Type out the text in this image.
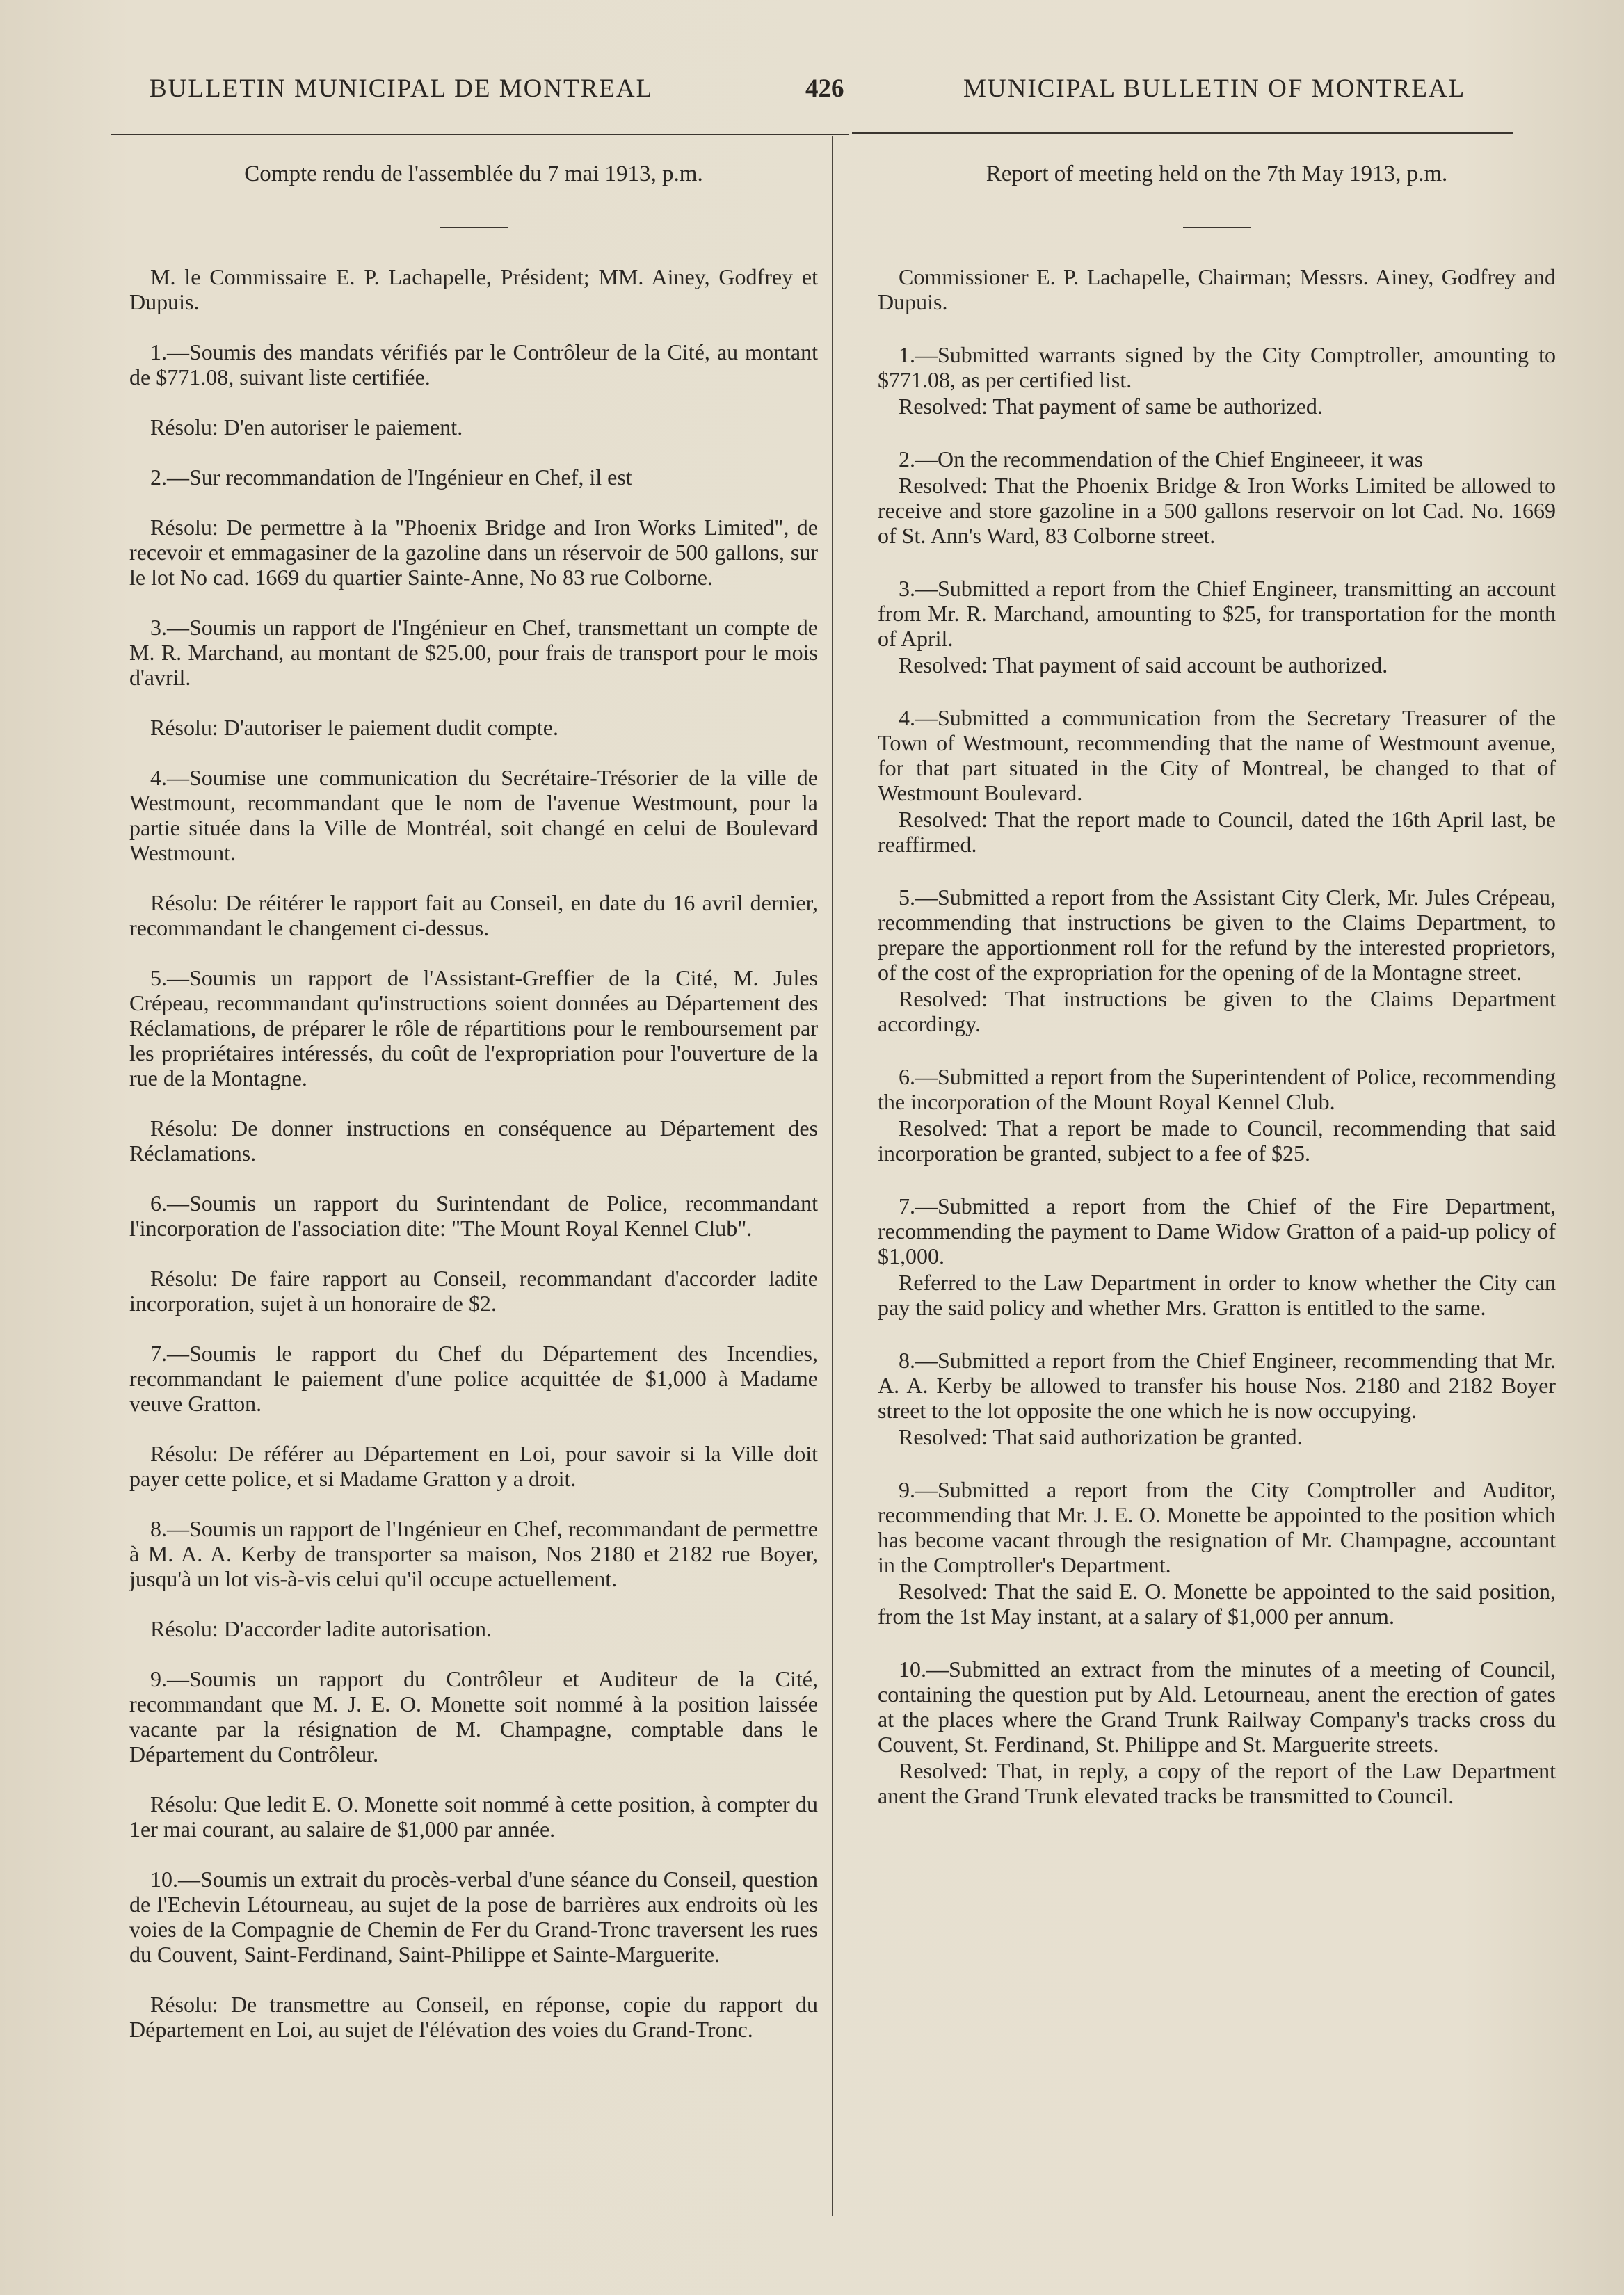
BULLETIN MUNICIPAL DE MONTREAL	426	MUNICIPAL BULLETIN OF MONTREAL
Compte rendu de l'assemblée du 7 mai 1913, p.m.

M. le Commissaire E. P. Lachapelle, Président; MM. Ainey, Godfrey et Dupuis.

1.—Soumis des mandats vérifiés par le Contrôleur de la Cité, au montant de $771.08, suivant liste certifiée.

Résolu: D'en autoriser le paiement.

2.—Sur recommandation de l'Ingénieur en Chef, il est

Résolu: De permettre à la "Phoenix Bridge and Iron Works Limited", de recevoir et emmagasiner de la gazoline dans un réservoir de 500 gallons, sur le lot No cad. 1669 du quartier Sainte-Anne, No 83 rue Colborne.

3.—Soumis un rapport de l'Ingénieur en Chef, transmettant un compte de M. R. Marchand, au montant de $25.00, pour frais de transport pour le mois d'avril.

Résolu: D'autoriser le paiement dudit compte.

4.—Soumise une communication du Secrétaire-Trésorier de la ville de Westmount, recommandant que le nom de l'avenue Westmount, pour la partie située dans la Ville de Montréal, soit changé en celui de Boulevard Westmount.

Résolu: De réitérer le rapport fait au Conseil, en date du 16 avril dernier, recommandant le changement ci-dessus.

5.—Soumis un rapport de l'Assistant-Greffier de la Cité, M. Jules Crépeau, recommandant qu'instructions soient données au Département des Réclamations, de préparer le rôle de répartitions pour le remboursement par les propriétaires intéressés, du coût de l'expropriation pour l'ouverture de la rue de la Montagne.

Résolu: De donner instructions en conséquence au Département des Réclamations.

6.—Soumis un rapport du Surintendant de Police, recommandant l'incorporation de l'association dite: "The Mount Royal Kennel Club".

Résolu: De faire rapport au Conseil, recommandant d'accorder ladite incorporation, sujet à un honoraire de $2.

7.—Soumis le rapport du Chef du Département des Incendies, recommandant le paiement d'une police acquittée de $1,000 à Madame veuve Gratton.

Résolu: De référer au Département en Loi, pour savoir si la Ville doit payer cette police, et si Madame Gratton y a droit.

8.—Soumis un rapport de l'Ingénieur en Chef, recommandant de permettre à M. A. A. Kerby de transporter sa maison, Nos 2180 et 2182 rue Boyer, jusqu'à un lot vis-à-vis celui qu'il occupe actuellement.

Résolu: D'accorder ladite autorisation.

9.—Soumis un rapport du Contrôleur et Auditeur de la Cité, recommandant que M. J. E. O. Monette soit nommé à la position laissée vacante par la résignation de M. Champagne, comptable dans le Département du Contrôleur.

Résolu: Que ledit E. O. Monette soit nommé à cette position, à compter du 1er mai courant, au salaire de $1,000 par année.

10.—Soumis un extrait du procès-verbal d'une séance du Conseil, question de l'Echevin Létourneau, au sujet de la pose de barrières aux endroits où les voies de la Compagnie de Chemin de Fer du Grand-Tronc traversent les rues du Couvent, Saint-Ferdinand, Saint-Philippe et Sainte-Marguerite.

Résolu: De transmettre au Conseil, en réponse, copie du rapport du Département en Loi, au sujet de l'élévation des voies du Grand-Tronc.

Report of meeting held on the 7th May 1913, p.m.

Commissioner E. P. Lachapelle, Chairman; Messrs. Ainey, Godfrey and Dupuis.

1.—Submitted warrants signed by the City Comptroller, amounting to $771.08, as per certified list.

Resolved: That payment of same be authorized.

2.—On the recommendation of the Chief Engineeer, it was

Resolved: That the Phoenix Bridge & Iron Works Limited be allowed to receive and store gazoline in a 500 gallons reservoir on lot Cad. No. 1669 of St. Ann's Ward, 83 Colborne street.

3.—Submitted a report from the Chief Engineer, transmitting an account from Mr. R. Marchand, amounting to $25, for transportation for the month of April.

Resolved: That payment of said account be authorized.

4.—Submitted a communication from the Secretary Treasurer of the Town of Westmount, recommending that the name of Westmount avenue, for that part situated in the City of Montreal, be changed to that of Westmount Boulevard.

Resolved: That the report made to Council, dated the 16th April last, be reaffirmed.

5.—Submitted a report from the Assistant City Clerk, Mr. Jules Crépeau, recommending that instructions be given to the Claims Department, to prepare the apportionment roll for the refund by the interested proprietors, of the cost of the expropriation for the opening of de la Montagne street.

Resolved: That instructions be given to the Claims Department accordingy.

6.—Submitted a report from the Superintendent of Police, recommending the incorporation of the Mount Royal Kennel Club.

Resolved: That a report be made to Council, recommending that said incorporation be granted, subject to a fee of $25.

7.—Submitted a report from the Chief of the Fire Department, recommending the payment to Dame Widow Gratton of a paid-up policy of $1,000.

Referred to the Law Department in order to know whether the City can pay the said policy and whether Mrs. Gratton is entitled to the same.

8.—Submitted a report from the Chief Engineer, recommending that Mr. A. A. Kerby be allowed to transfer his house Nos. 2180 and 2182 Boyer street to the lot opposite the one which he is now occupying.

Resolved: That said authorization be granted.

9.—Submitted a report from the City Comptroller and Auditor, recommending that Mr. J. E. O. Monette be appointed to the position which has become vacant through the resignation of Mr. Champagne, accountant in the Comptroller's Department.

Resolved: That the said E. O. Monette be appointed to the said position, from the 1st May instant, at a salary of $1,000 per annum.

10.—Submitted an extract from the minutes of a meeting of Council, containing the question put by Ald. Letourneau, anent the erection of gates at the places where the Grand Trunk Railway Company's tracks cross du Couvent, St. Ferdinand, St. Philippe and St. Marguerite streets.

Resolved: That, in reply, a copy of the report of the Law Department anent the Grand Trunk elevated tracks be transmitted to Council.
